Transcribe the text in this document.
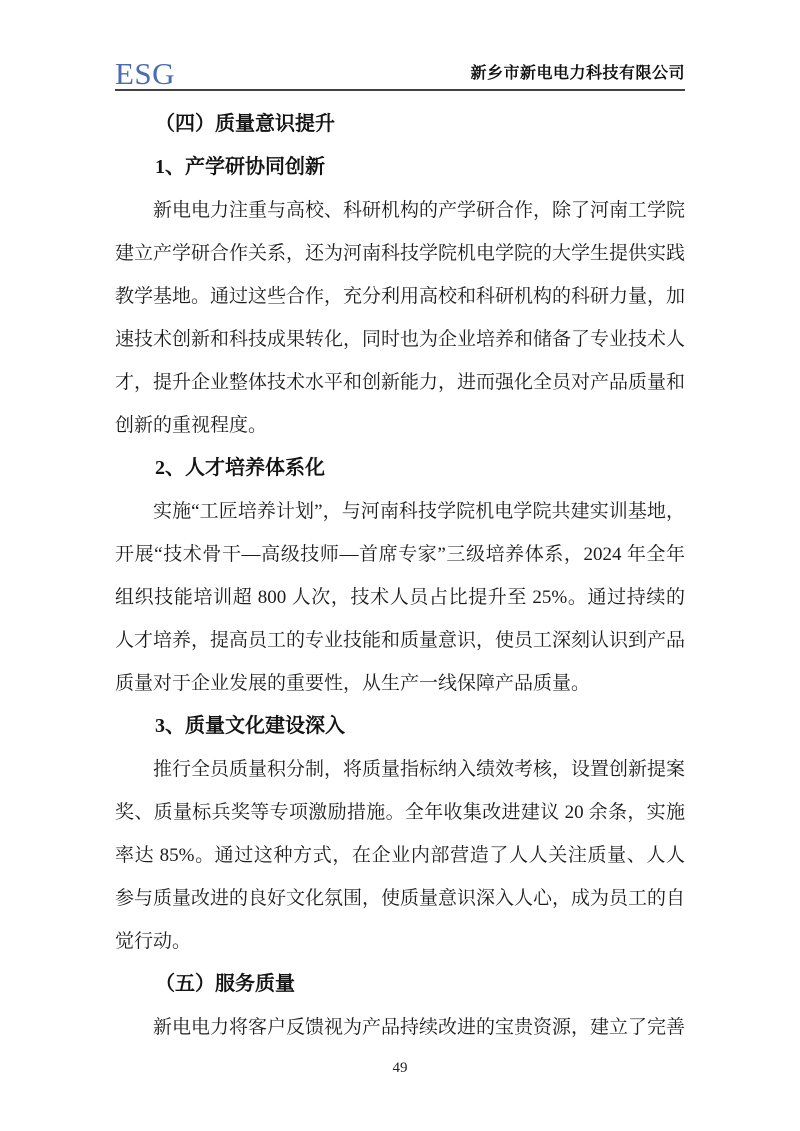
ESG	新乡市新电电力科技有限公司
（四）质量意识提升
1、产学研协同创新

新电电力注重与高校、科研机构的产学研合作，除了河南工学院建立产学研合作关系，还为河南科技学院机电学院的大学生提供实践教学基地。通过这些合作，充分利用高校和科研机构的科研力量，加速技术创新和科技成果转化，同时也为企业培养和储备了专业技术人才，提升企业整体技术水平和创新能力，进而强化全员对产品质量和创新的重视程度。

2、人才培养体系化

实施“工匠培养计划”，与河南科技学院机电学院共建实训基地，开展“技术骨干—高级技师—首席专家”三级培养体系，2024 年全年组织技能培训超 800 人次，技术人员占比提升至 25%。通过持续的人才培养，提高员工的专业技能和质量意识，使员工深刻认识到产品质量对于企业发展的重要性，从生产一线保障产品质量。

3、质量文化建设深入

推行全员质量积分制，将质量指标纳入绩效考核，设置创新提案奖、质量标兵奖等专项激励措施。全年收集改进建议 20 余条，实施率达 85%。通过这种方式，在企业内部营造了人人关注质量、人人参与质量改进的良好文化氛围，使质量意识深入人心，成为员工的自觉行动。

（五）服务质量

新电电力将客户反馈视为产品持续改进的宝贵资源，建立了完善

49
